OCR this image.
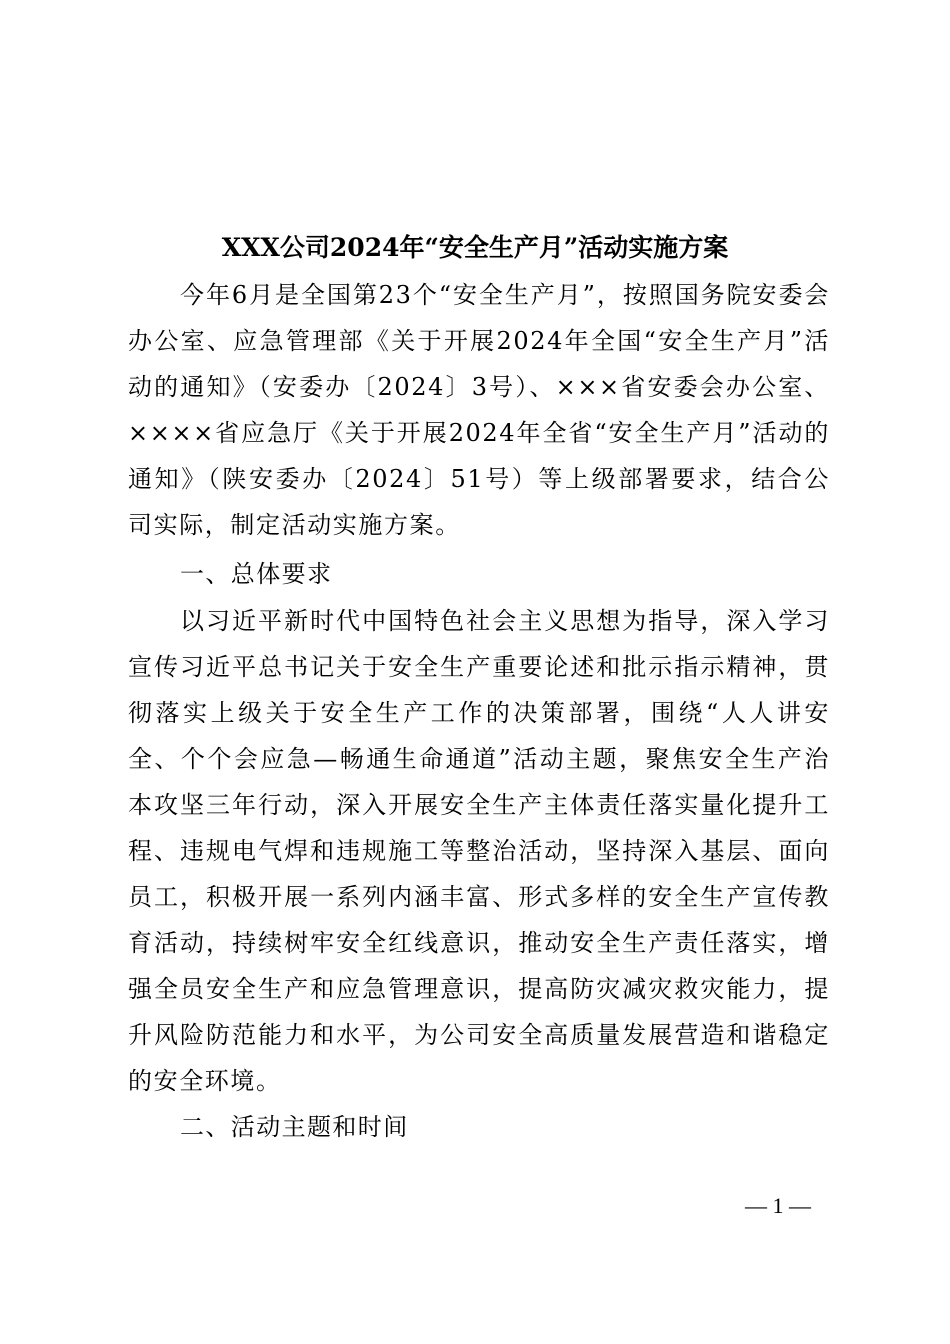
XXX公司2024年“安全生产月”活动实施方案

今年6月是全国第23个“安全生产月”，按照国务院安委会办公室、应急管理部《关于开展2024年全国“安全生产月”活动的通知》（安委办〔2024〕3号）、×××省安委会办公室、××××省应急厅《关于开展2024年全省“安全生产月”活动的通知》（陕安委办〔2024〕51号）等上级部署要求，结合公司实际，制定活动实施方案。

一、总体要求

以习近平新时代中国特色社会主义思想为指导，深入学习宣传习近平总书记关于安全生产重要论述和批示指示精神，贯彻落实上级关于安全生产工作的决策部署，围绕“人人讲安全、个个会应急—畅通生命通道”活动主题，聚焦安全生产治本攻坚三年行动，深入开展安全生产主体责任落实量化提升工程、违规电气焊和违规施工等整治活动，坚持深入基层、面向员工，积极开展一系列内涵丰富、形式多样的安全生产宣传教育活动，持续树牢安全红线意识，推动安全生产责任落实，增强全员安全生产和应急管理意识，提高防灾减灾救灾能力，提升风险防范能力和水平，为公司安全高质量发展营造和谐稳定的安全环境。

二、活动主题和时间

— 1 —
